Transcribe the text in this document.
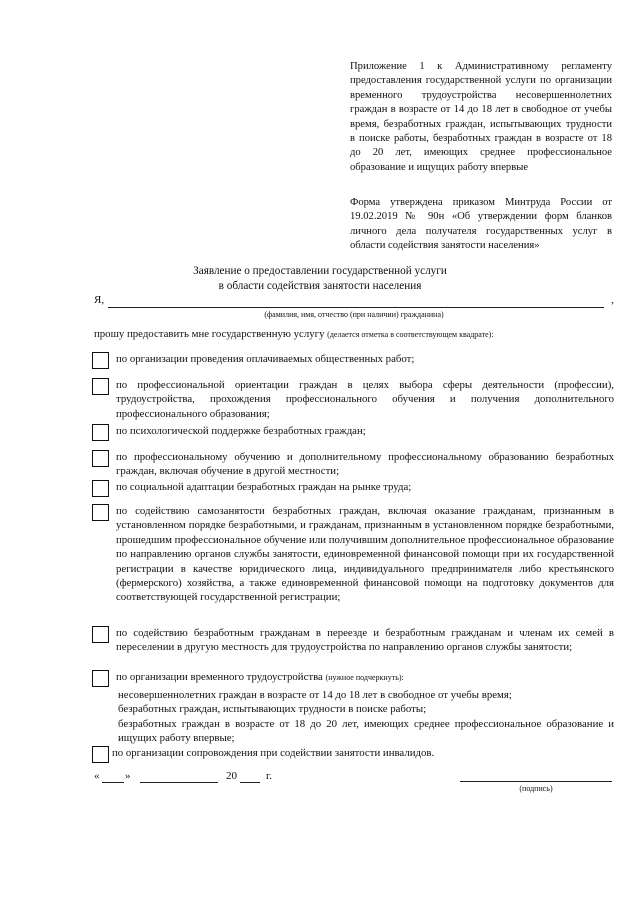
Приложение 1 к Административному регламенту предоставления государственной услуги по организации временного трудоустройства несовершеннолетних граждан в возрасте от 14 до 18 лет в свободное от учебы время, безработных граждан, испытывающих трудности в поиске работы, безработных граждан в возрасте от 18 до 20 лет, имеющих среднее профессиональное образование и ищущих работу впервые
Форма утверждена приказом Минтруда России от 19.02.2019 № 90н «Об утверждении форм бланков личного дела получателя государственных услуг в области содействия занятости населения»
Заявление о предоставлении государственной услуги
в области содействия занятости населения
Я,	,
(фамилия, имя, отчество (при наличии) гражданина)
прошу предоставить мне государственную услугу (делается отметка в соответствующем квадрате):
по организации проведения оплачиваемых общественных работ;
по профессиональной ориентации граждан в целях выбора сферы деятельности (профессии), трудоустройства, прохождения профессионального обучения и получения дополнительного профессионального образования;
по психологической поддержке безработных граждан;
по профессиональному обучению и дополнительному профессиональному образованию безработных граждан, включая обучение в другой местности;
по социальной адаптации безработных граждан на рынке труда;
по содействию самозанятости безработных граждан, включая оказание гражданам, признанным в установленном порядке безработными, и гражданам, признанным в установленном порядке безработными, прошедшим профессиональное обучение или получившим дополнительное профессиональное образование по направлению органов службы занятости, единовременной финансовой помощи при их государственной регистрации в качестве юридического лица, индивидуального предпринимателя либо крестьянского (фермерского) хозяйства, а также единовременной финансовой помощи на подготовку документов для соответствующей государственной регистрации;
по содействию безработным гражданам в переезде и безработным гражданам и членам их семей в переселении в другую местность для трудоустройства по направлению органов службы занятости;
по организации временного трудоустройства (нужное подчеркнуть):
несовершеннолетних граждан в возрасте от 14 до 18 лет в свободное от учебы время;
безработных граждан, испытывающих трудности в поиске работы;
безработных граждан в возрасте от 18 до 20 лет, имеющих среднее профессиональное образование и ищущих работу впервые;
по организации сопровождения при содействии занятости инвалидов.
« »	20	г.
(подпись)
